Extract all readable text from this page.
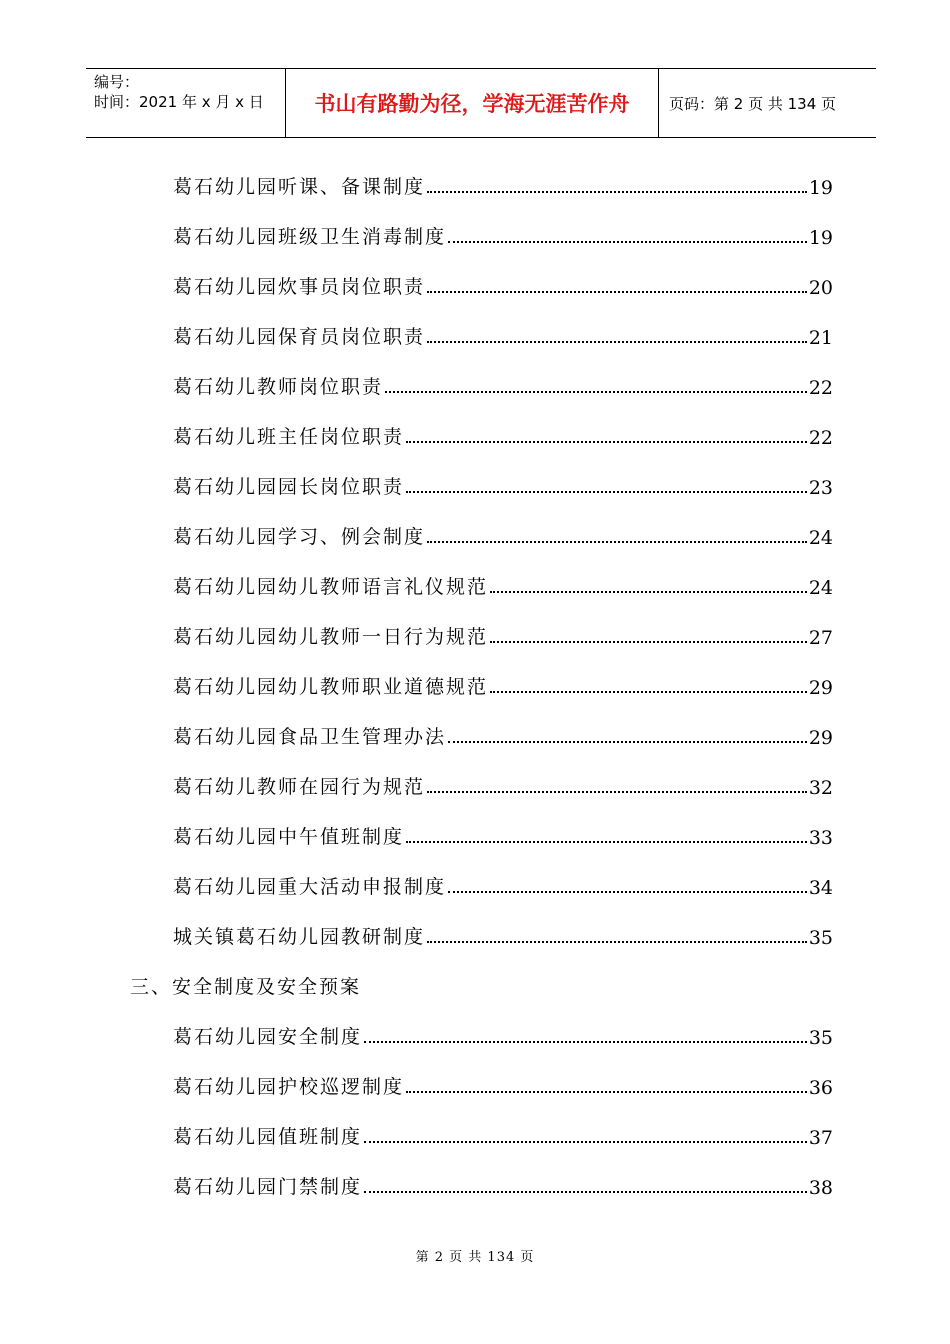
编号：
时间：2021 年 x 月 x 日	书山有路勤为径，学海无涯苦作舟	页码：第 2 页 共 134 页
葛石幼儿园听课、备课制度	19
葛石幼儿园班级卫生消毒制度	19
葛石幼儿园炊事员岗位职责	20
葛石幼儿园保育员岗位职责	21
葛石幼儿教师岗位职责	22
葛石幼儿班主任岗位职责	22
葛石幼儿园园长岗位职责	23
葛石幼儿园学习、例会制度	24
葛石幼儿园幼儿教师语言礼仪规范	24
葛石幼儿园幼儿教师一日行为规范	27
葛石幼儿园幼儿教师职业道德规范	29
葛石幼儿园食品卫生管理办法	29
葛石幼儿教师在园行为规范	32
葛石幼儿园中午值班制度	33
葛石幼儿园重大活动申报制度	34
城关镇葛石幼儿园教研制度	35
三、安全制度及安全预案
葛石幼儿园安全制度	35
葛石幼儿园护校巡逻制度	36
葛石幼儿园值班制度	37
葛石幼儿园门禁制度	38
第 2 页 共 134 页
